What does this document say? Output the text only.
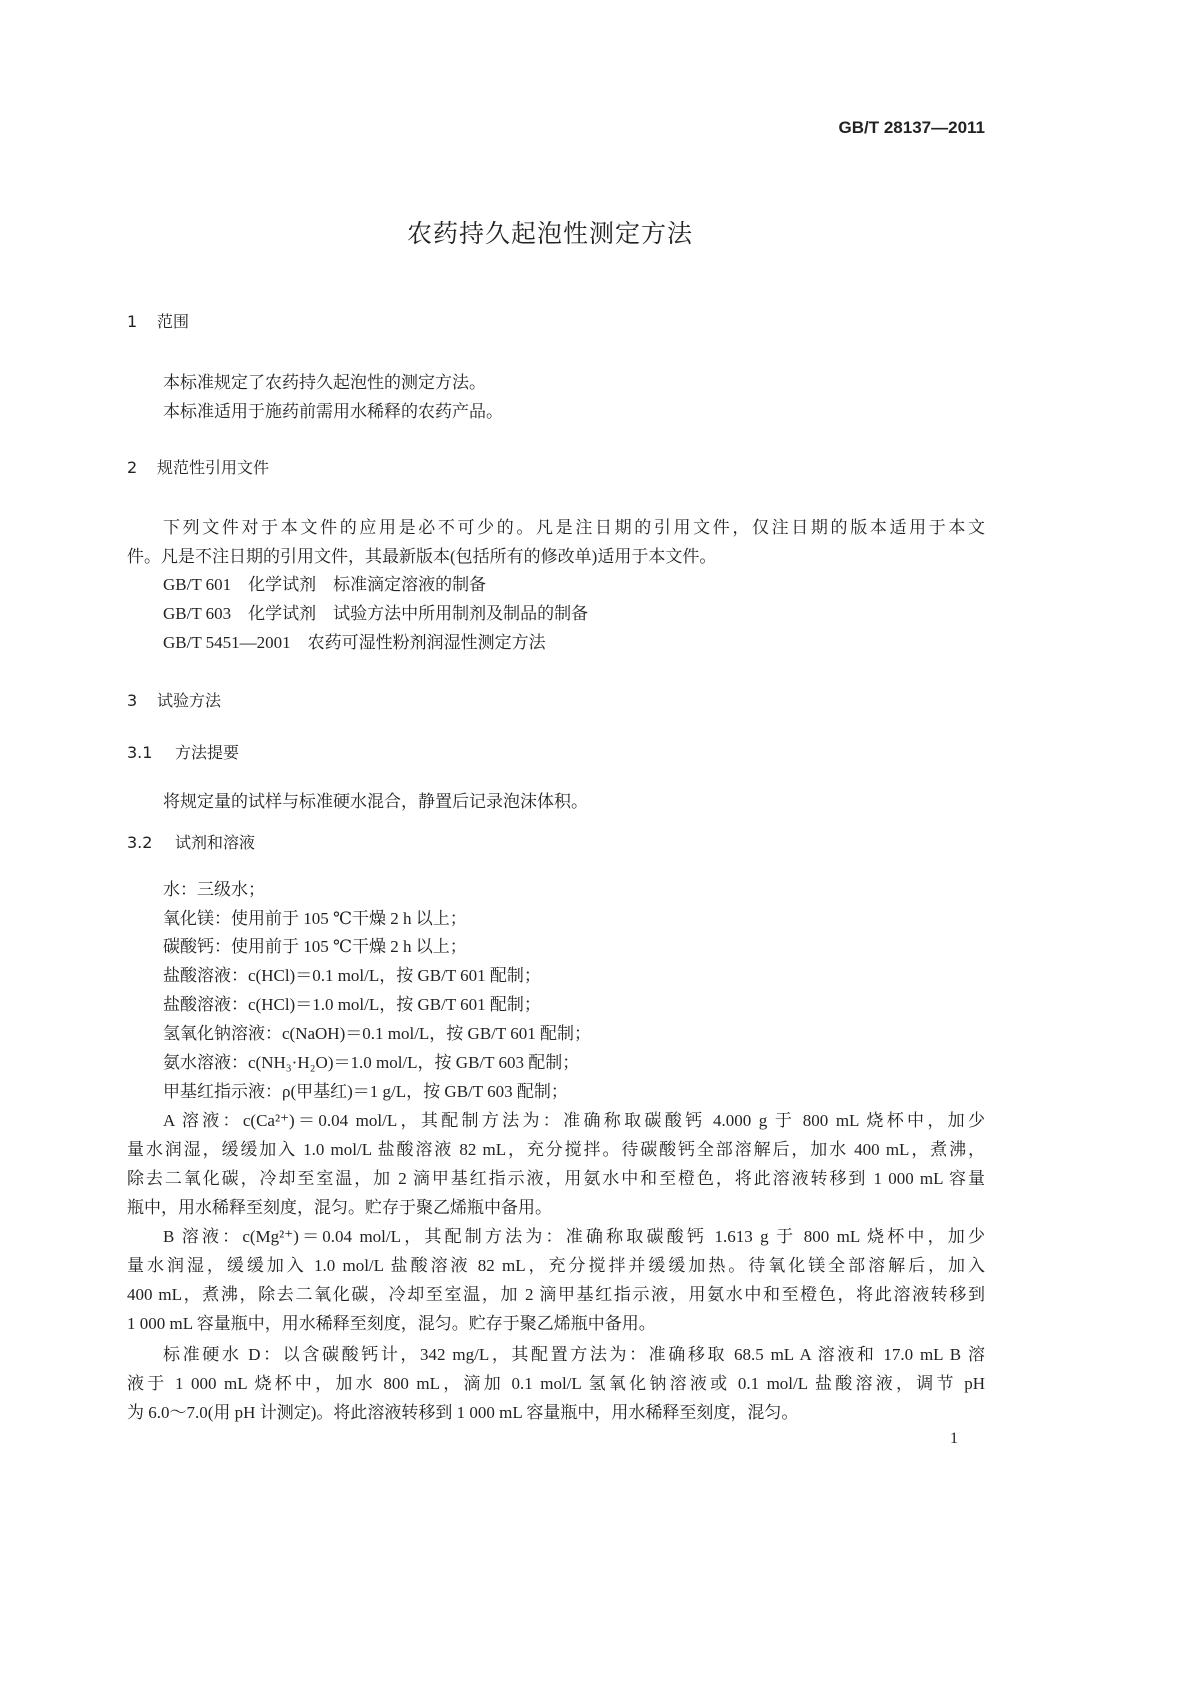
GB/T 28137—2011
农药持久起泡性测定方法
1 范围
本标准规定了农药持久起泡性的测定方法。
本标准适用于施药前需用水稀释的农药产品。
2 规范性引用文件
下列文件对于本文件的应用是必不可少的。凡是注日期的引用文件，仅注日期的版本适用于本文
件。凡是不注日期的引用文件，其最新版本(包括所有的修改单)适用于本文件。
GB/T 601　化学试剂　标准滴定溶液的制备
GB/T 603　化学试剂　试验方法中所用制剂及制品的制备
GB/T 5451—2001　农药可湿性粉剂润湿性测定方法
3 试验方法
3.1 方法提要
将规定量的试样与标准硬水混合，静置后记录泡沫体积。
3.2 试剂和溶液
水：三级水；
氧化镁：使用前于 105 ℃干燥 2 h 以上；
碳酸钙：使用前于 105 ℃干燥 2 h 以上；
盐酸溶液：c(HCl)＝0.1 mol/L，按 GB/T 601 配制；
盐酸溶液：c(HCl)＝1.0 mol/L，按 GB/T 601 配制；
氢氧化钠溶液：c(NaOH)＝0.1 mol/L，按 GB/T 601 配制；
氨水溶液：c(NH₃·H₂O)＝1.0 mol/L，按 GB/T 603 配制；
甲基红指示液：ρ(甲基红)＝1 g/L，按 GB/T 603 配制；
A 溶液：c(Ca²⁺)＝0.04 mol/L，其配制方法为：准确称取碳酸钙 4.000 g 于 800 mL 烧杯中，加少
量水润湿，缓缓加入 1.0 mol/L 盐酸溶液 82 mL，充分搅拌。待碳酸钙全部溶解后，加水 400 mL，煮沸，
除去二氧化碳，冷却至室温，加 2 滴甲基红指示液，用氨水中和至橙色，将此溶液转移到 1 000 mL 容量
瓶中，用水稀释至刻度，混匀。贮存于聚乙烯瓶中备用。
B 溶液：c(Mg²⁺)＝0.04 mol/L，其配制方法为：准确称取碳酸钙 1.613 g 于 800 mL 烧杯中，加少
量水润湿，缓缓加入 1.0 mol/L 盐酸溶液 82 mL，充分搅拌并缓缓加热。待氧化镁全部溶解后，加入
400 mL，煮沸，除去二氧化碳，冷却至室温，加 2 滴甲基红指示液，用氨水中和至橙色，将此溶液转移到
1 000 mL 容量瓶中，用水稀释至刻度，混匀。贮存于聚乙烯瓶中备用。
标准硬水 D：以含碳酸钙计，342 mg/L，其配置方法为：准确移取 68.5 mL A 溶液和 17.0 mL B 溶
液于 1 000 mL 烧杯中，加水 800 mL，滴加 0.1 mol/L 氢氧化钠溶液或 0.1 mol/L 盐酸溶液，调节 pH
为 6.0～7.0(用 pH 计测定)。将此溶液转移到 1 000 mL 容量瓶中，用水稀释至刻度，混匀。
1
